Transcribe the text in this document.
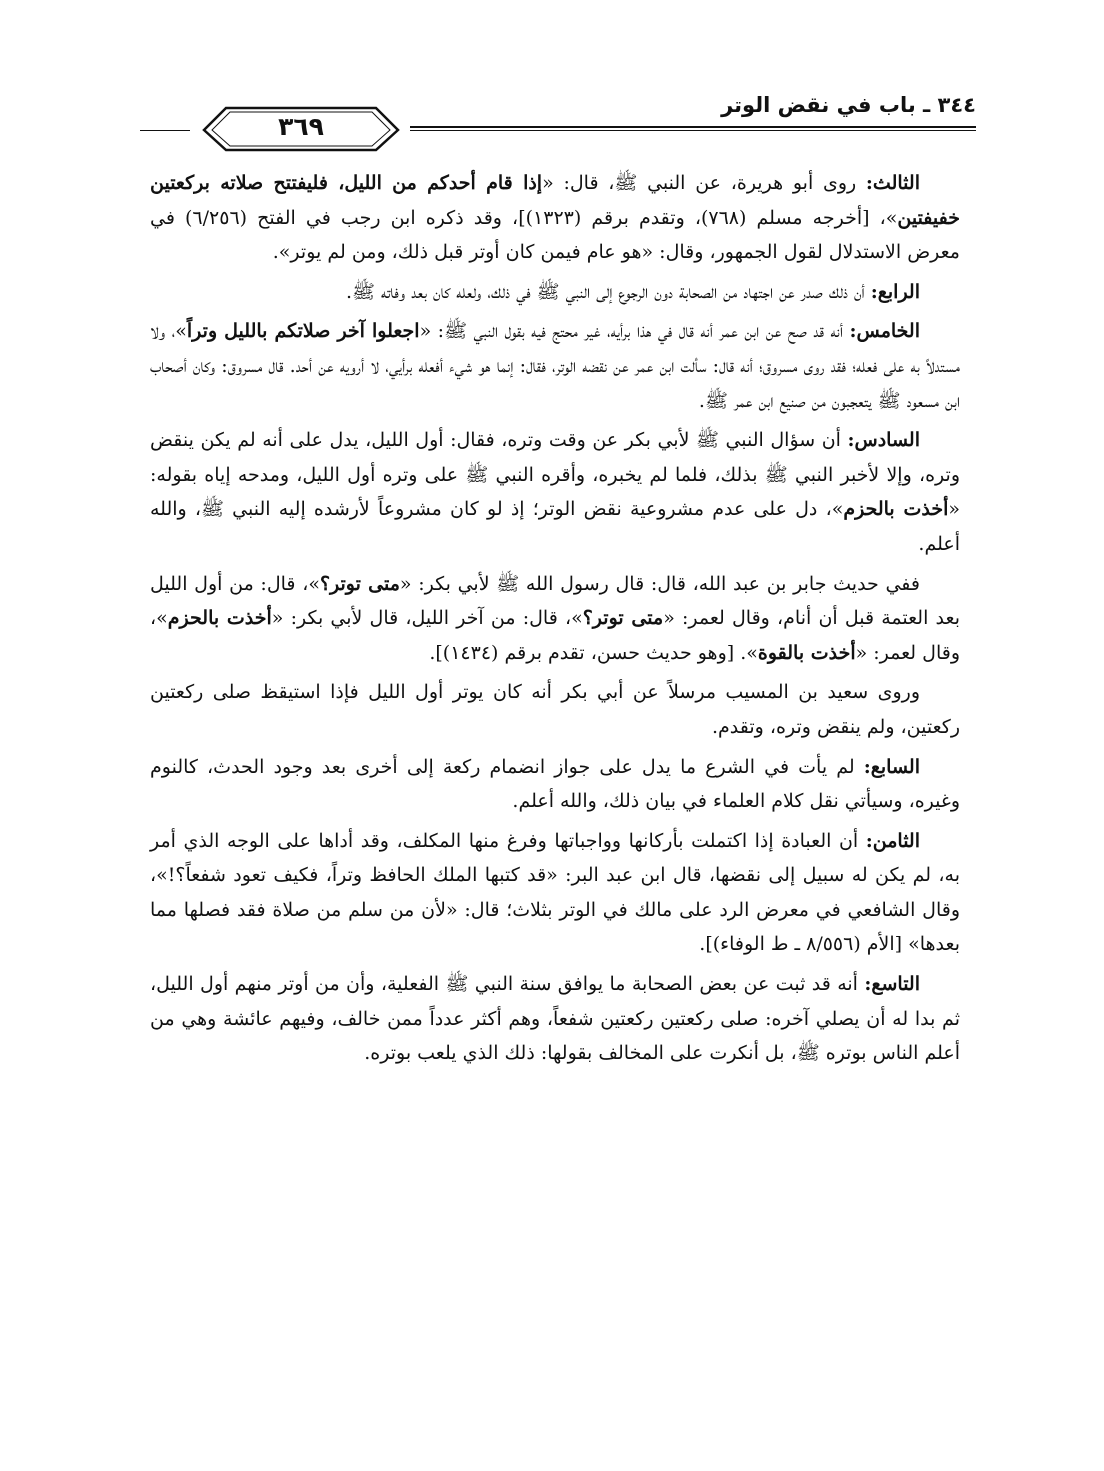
٣٤٤ ـ باب في نقض الوتر
٣٦٩

الثالث: روى أبو هريرة، عن النبي ﷺ، قال: «إذا قام أحدكم من الليل، فليفتتح صلاته بركعتين خفيفتين»، [أخرجه مسلم (٧٦٨)، وتقدم برقم (١٣٢٣)]، وقد ذكره ابن رجب في الفتح (٦/٢٥٦) في معرض الاستدلال لقول الجمهور، وقال: «هو عام فيمن كان أوتر قبل ذلك، ومن لم يوتر».

الرابع: أن ذلك صدر عن اجتهاد من الصحابة دون الرجوع إلى النبي ﷺ في ذلك، ولعله كان بعد وفاته ﷺ.

الخامس: أنه قد صح عن ابن عمر أنه قال في هذا برأيه، غير محتج فيه بقول النبي ﷺ: «اجعلوا آخر صلاتكم بالليل وتراً»، ولا مستدلاً به على فعله؛ فقد روى مسروق؛ أنه قال: سألت ابن عمر عن نقضه الوتر، فقال: إنما هو شيء أفعله برأيي، لا أرويه عن أحد. قال مسروق: وكان أصحاب ابن مسعود ﷺ يتعجبون من صنيع ابن عمر ﷺ.

السادس: أن سؤال النبي ﷺ لأبي بكر عن وقت وتره، فقال: أول الليل، يدل على أنه لم يكن ينقض وتره، وإلا لأخبر النبي ﷺ بذلك، فلما لم يخبره، وأقره النبي ﷺ على وتره أول الليل، ومدحه إياه بقوله: «أخذت بالحزم»، دل على عدم مشروعية نقض الوتر؛ إذ لو كان مشروعاً لأرشده إليه النبي ﷺ، والله أعلم.

ففي حديث جابر بن عبد الله، قال: قال رسول الله ﷺ لأبي بكر: «متى توتر؟»، قال: من أول الليل بعد العتمة قبل أن أنام، وقال لعمر: «متى توتر؟»، قال: من آخر الليل، قال لأبي بكر: «أخذت بالحزم»، وقال لعمر: «أخذت بالقوة». [وهو حديث حسن، تقدم برقم (١٤٣٤)].

وروى سعيد بن المسيب مرسلاً عن أبي بكر أنه كان يوتر أول الليل فإذا استيقظ صلى ركعتين ركعتين، ولم ينقض وتره، وتقدم.

السابع: لم يأت في الشرع ما يدل على جواز انضمام ركعة إلى أخرى بعد وجود الحدث، كالنوم وغيره، وسيأتي نقل كلام العلماء في بيان ذلك، والله أعلم.

الثامن: أن العبادة إذا اكتملت بأركانها وواجباتها وفرغ منها المكلف، وقد أداها على الوجه الذي أمر به، لم يكن له سبيل إلى نقضها، قال ابن عبد البر: «قد كتبها الملك الحافظ وتراً، فكيف تعود شفعاً؟!»، وقال الشافعي في معرض الرد على مالك في الوتر بثلاث؛ قال: «لأن من سلم من صلاة فقد فصلها مما بعدها» [الأم (٨/٥٥٦ ـ ط الوفاء)].

التاسع: أنه قد ثبت عن بعض الصحابة ما يوافق سنة النبي ﷺ الفعلية، وأن من أوتر منهم أول الليل، ثم بدا له أن يصلي آخره: صلى ركعتين ركعتين شفعاً، وهم أكثر عدداً ممن خالف، وفيهم عائشة وهي من أعلم الناس بوتره ﷺ، بل أنكرت على المخالف بقولها: ذلك الذي يلعب بوتره.
